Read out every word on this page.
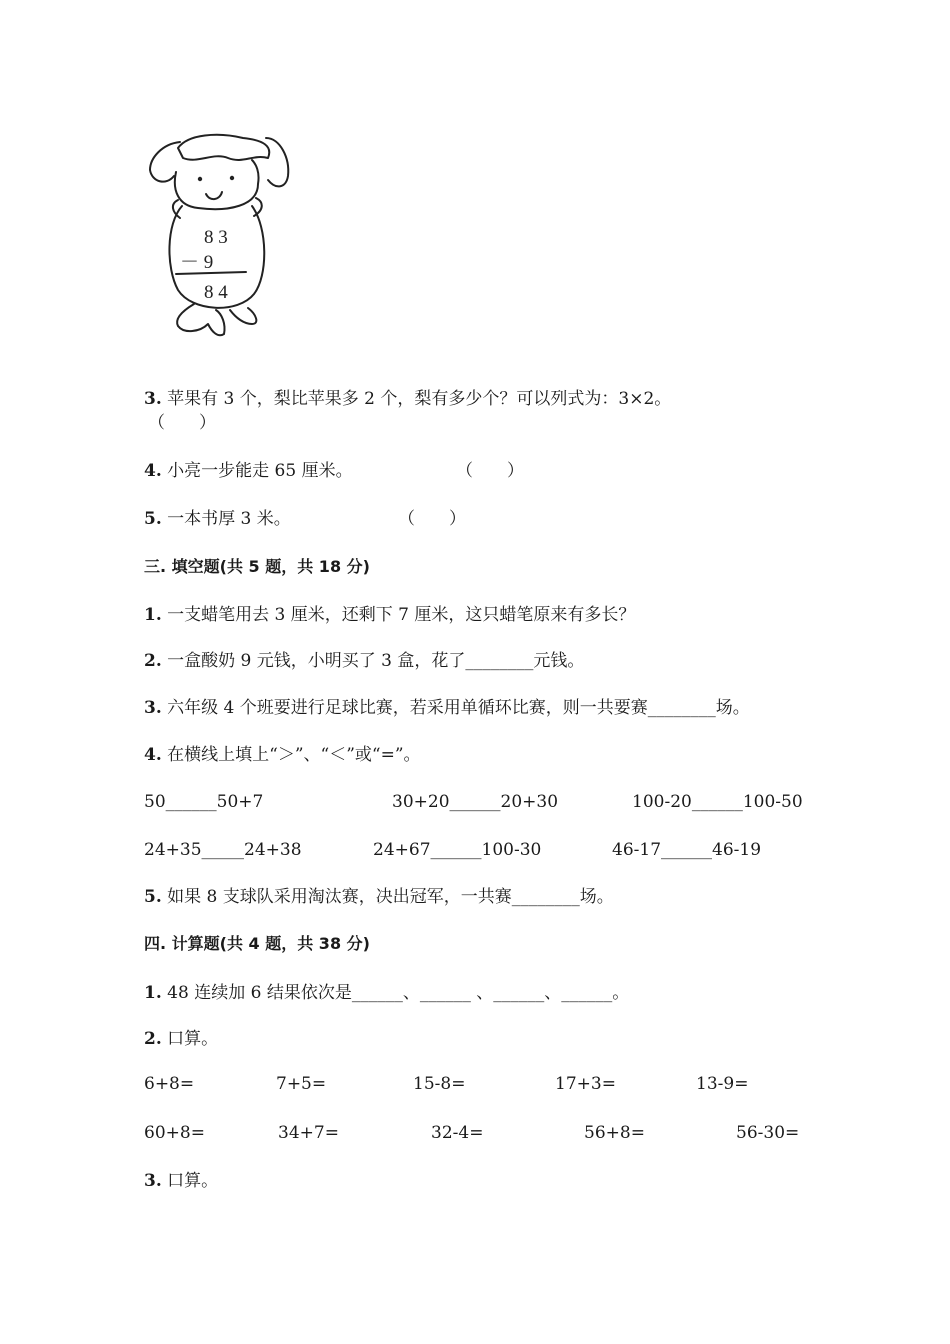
8 3
－ 9
8 4
3. 苹果有 3 个，梨比苹果多 2 个，梨有多少个？可以列式为：3×2。
（　　）
4. 小亮一步能走 65 厘米。	（　　）
5. 一本书厚 3 米。	（　　）
三. 填空题(共 5 题，共 18 分)
1. 一支蜡笔用去 3 厘米，还剩下 7 厘米，这只蜡笔原来有多长？
2. 一盒酸奶 9 元钱，小明买了 3 盒，花了________元钱。
3. 六年级 4 个班要进行足球比赛，若采用单循环比赛，则一共要赛________场。
4. 在横线上填上“＞”、“＜”或“=”。
50______50+7	30+20______20+30	100-20______100-50
24+35_____24+38	24+67______100-30	46-17______46-19
5. 如果 8 支球队采用淘汰赛，决出冠军，一共赛________场。
四. 计算题(共 4 题，共 38 分)
1. 48 连续加 6 结果依次是______、______ 、______、______。
2. 口算。
6+8=	7+5=	15-8=	17+3=	13-9=
60+8=	34+7=	32-4=	56+8=	56-30=
3. 口算。
